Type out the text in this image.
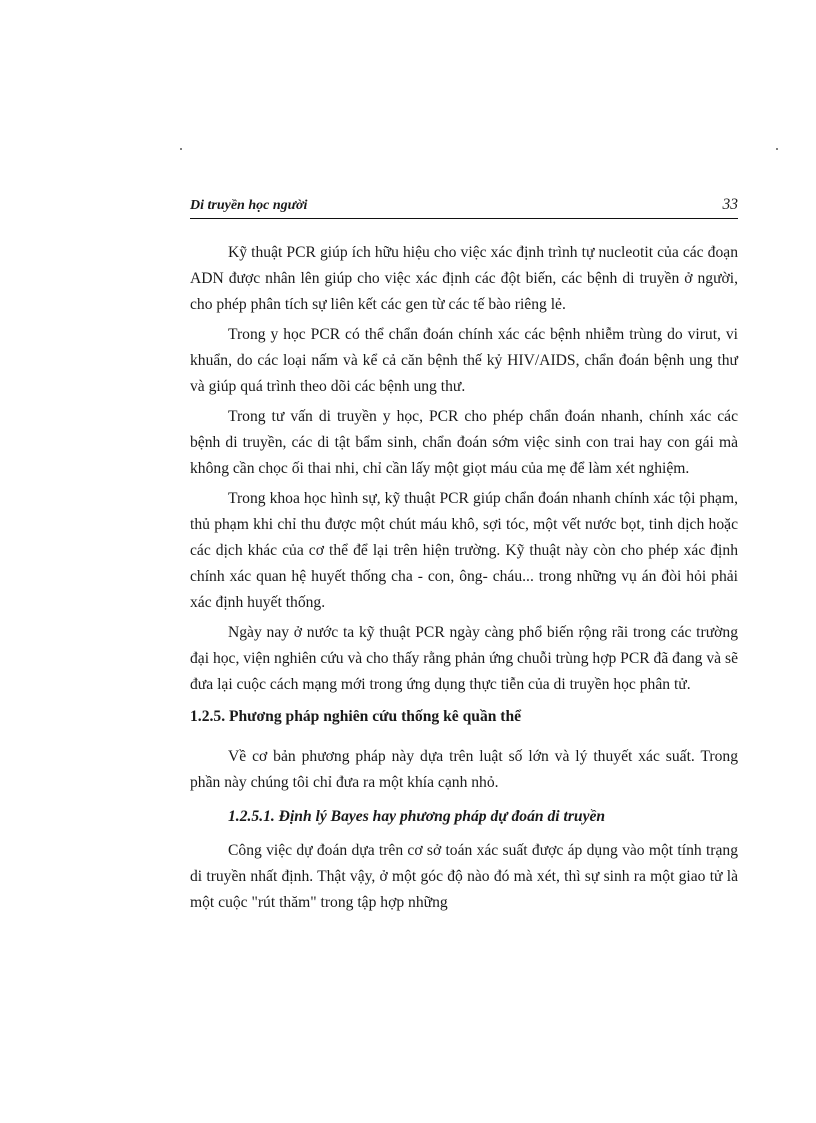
Di truyền học người	33

Kỹ thuật PCR giúp ích hữu hiệu cho việc xác định trình tự nucleotit của các đoạn ADN được nhân lên giúp cho việc xác định các đột biến, các bệnh di truyền ở người, cho phép phân tích sự liên kết các gen từ các tế bào riêng lẻ.

Trong y học PCR có thể chẩn đoán chính xác các bệnh nhiễm trùng do virut, vi khuẩn, do các loại nấm và kể cả căn bệnh thế kỷ HIV/AIDS, chẩn đoán bệnh ung thư và giúp quá trình theo dõi các bệnh ung thư.

Trong tư vấn di truyền y học, PCR cho phép chẩn đoán nhanh, chính xác các bệnh di truyền, các di tật bẩm sinh, chẩn đoán sớm việc sinh con trai hay con gái mà không cần chọc ối thai nhi, chỉ cần lấy một giọt máu của mẹ để làm xét nghiệm.

Trong khoa học hình sự, kỹ thuật PCR giúp chẩn đoán nhanh chính xác tội phạm, thủ phạm khi chỉ thu được một chút máu khô, sợi tóc, một vết nước bọt, tinh dịch hoặc các dịch khác của cơ thể để lại trên hiện trường. Kỹ thuật này còn cho phép xác định chính xác quan hệ huyết thống cha - con, ông- cháu... trong những vụ án đòi hỏi phải xác định huyết thống.

Ngày nay ở nước ta kỹ thuật PCR ngày càng phổ biến rộng rãi trong các trường đại học, viện nghiên cứu và cho thấy rằng phản ứng chuỗi trùng hợp PCR đã đang và sẽ đưa lại cuộc cách mạng mới trong ứng dụng thực tiễn của di truyền học phân tử.

1.2.5. Phương pháp nghiên cứu thống kê quần thể

Về cơ bản phương pháp này dựa trên luật số lớn và lý thuyết xác suất. Trong phần này chúng tôi chỉ đưa ra một khía cạnh nhỏ.

1.2.5.1. Định lý Bayes hay phương pháp dự đoán di truyền

Công việc dự đoán dựa trên cơ sở toán xác suất được áp dụng vào một tính trạng di truyền nhất định. Thật vậy, ở một góc độ nào đó mà xét, thì sự sinh ra một giao tử là một cuộc "rút thăm" trong tập hợp những
